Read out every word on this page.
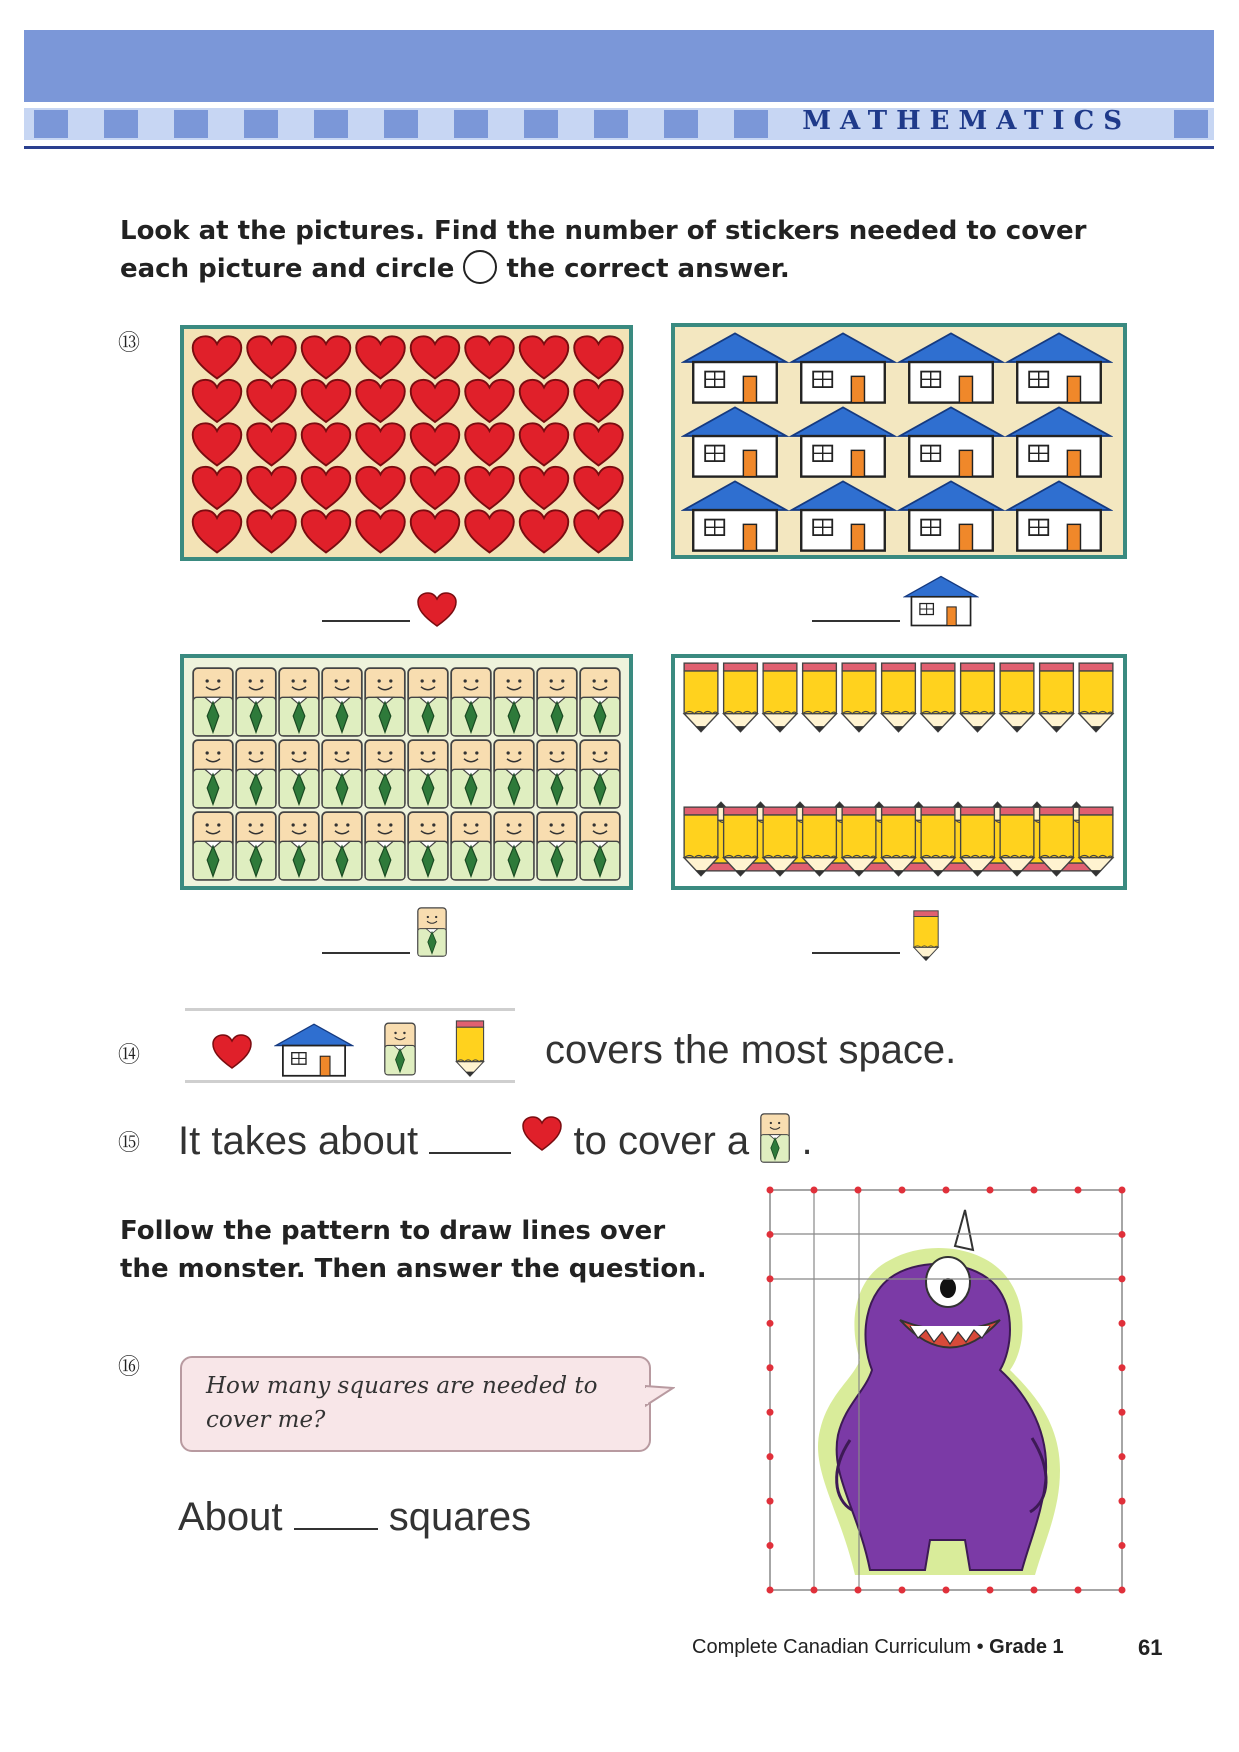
MATHEMATICS
Look at the pictures. Find the number of stickers needed to cover
each picture and circle the correct answer.
⑬
⑭	covers the most space.
⑮ It takes about	to cover a .
Follow the pattern to draw lines over
the monster. Then answer the question.
⑯
How many squares are needed to
cover me?
About	squares
Complete Canadian Curriculum • Grade 1	61
